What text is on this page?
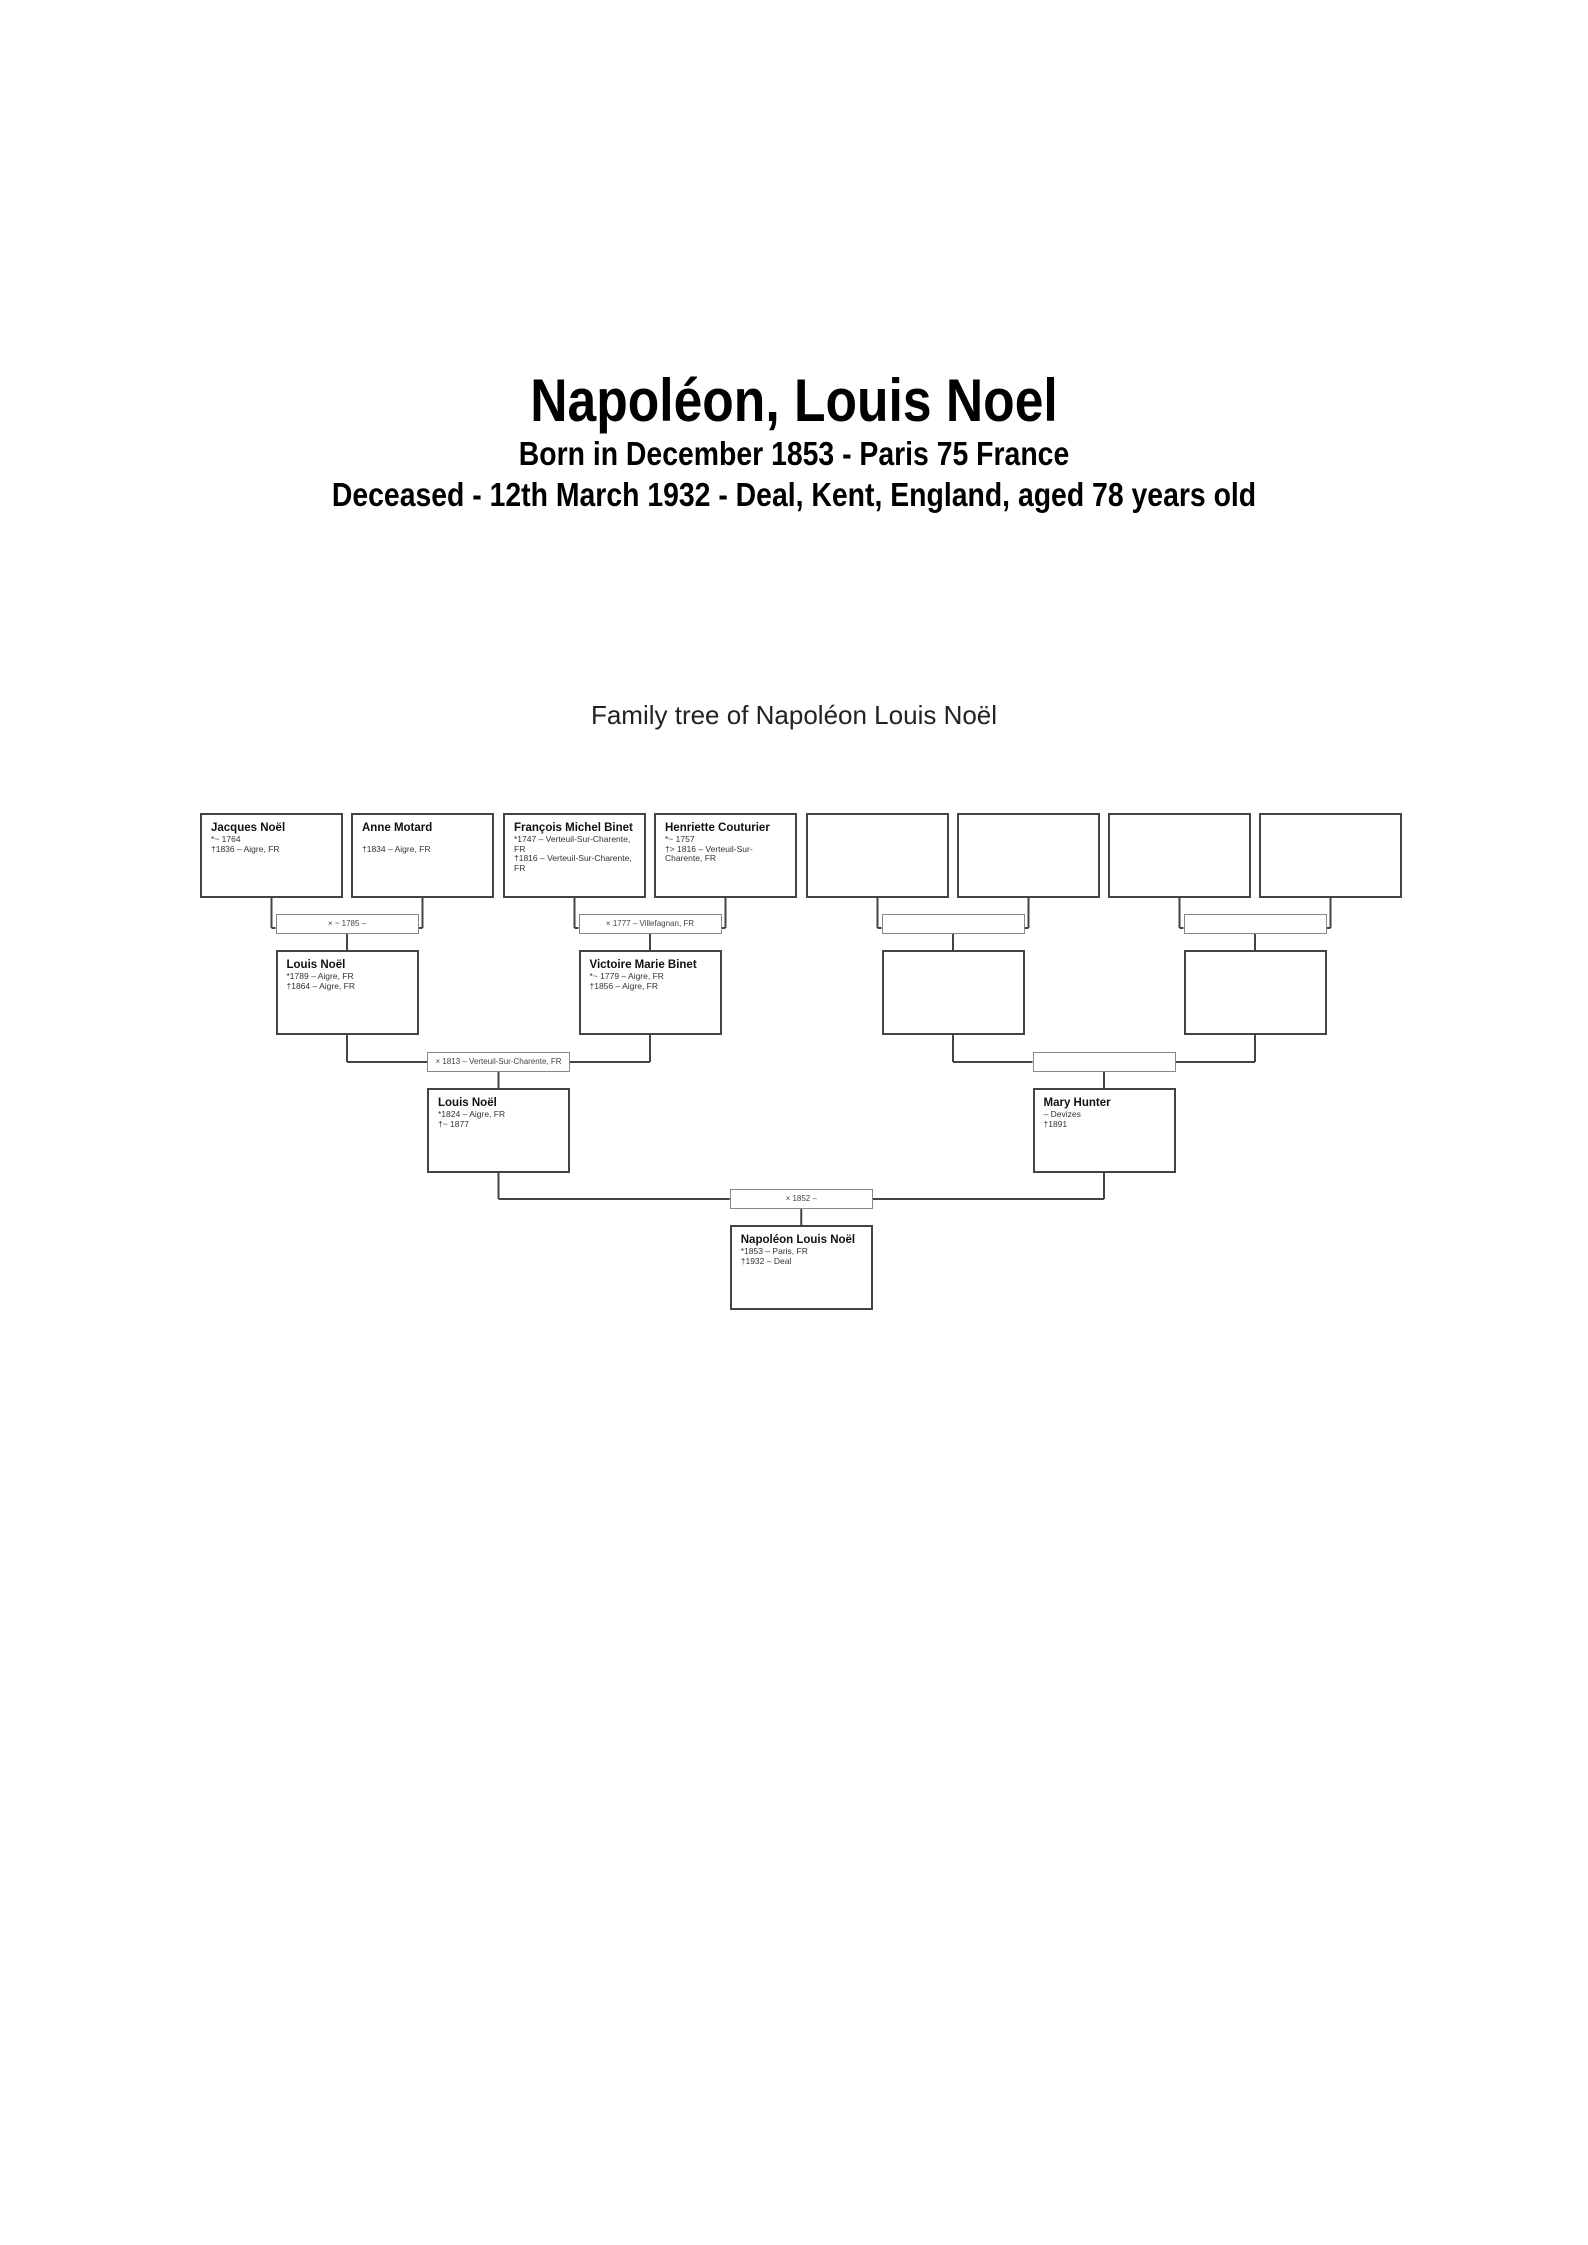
Napoléon, Louis Noel
Born in December 1853 - Paris 75 France
Deceased - 12th March 1932 - Deal, Kent, England, aged 78 years old
Family tree of Napoléon Louis Noël
Jacques Noël
*~ 1764
†1836 – Aigre, FR
Anne Motard

†1834 – Aigre, FR
François Michel Binet
*1747 – Verteuil-Sur-Charente,
FR
†1816 – Verteuil-Sur-Charente,
FR
Henriette Couturier
*~ 1757
†> 1816 – Verteuil-Sur-
Charente, FR
Louis Noël
*1789 – Aigre, FR
†1864 – Aigre, FR
Victoire Marie Binet
*~ 1779 – Aigre, FR
†1856 – Aigre, FR
Louis Noël
*1824 – Aigre, FR
†~ 1877
Mary Hunter
– Devizes
†1891
Napoléon Louis Noël
*1853 – Paris, FR
†1932 – Deal
× ~ 1785 –	× 1777 – Villefagnan, FR
× 1813 – Verteuil-Sur-Charente, FR
× 1852 –
